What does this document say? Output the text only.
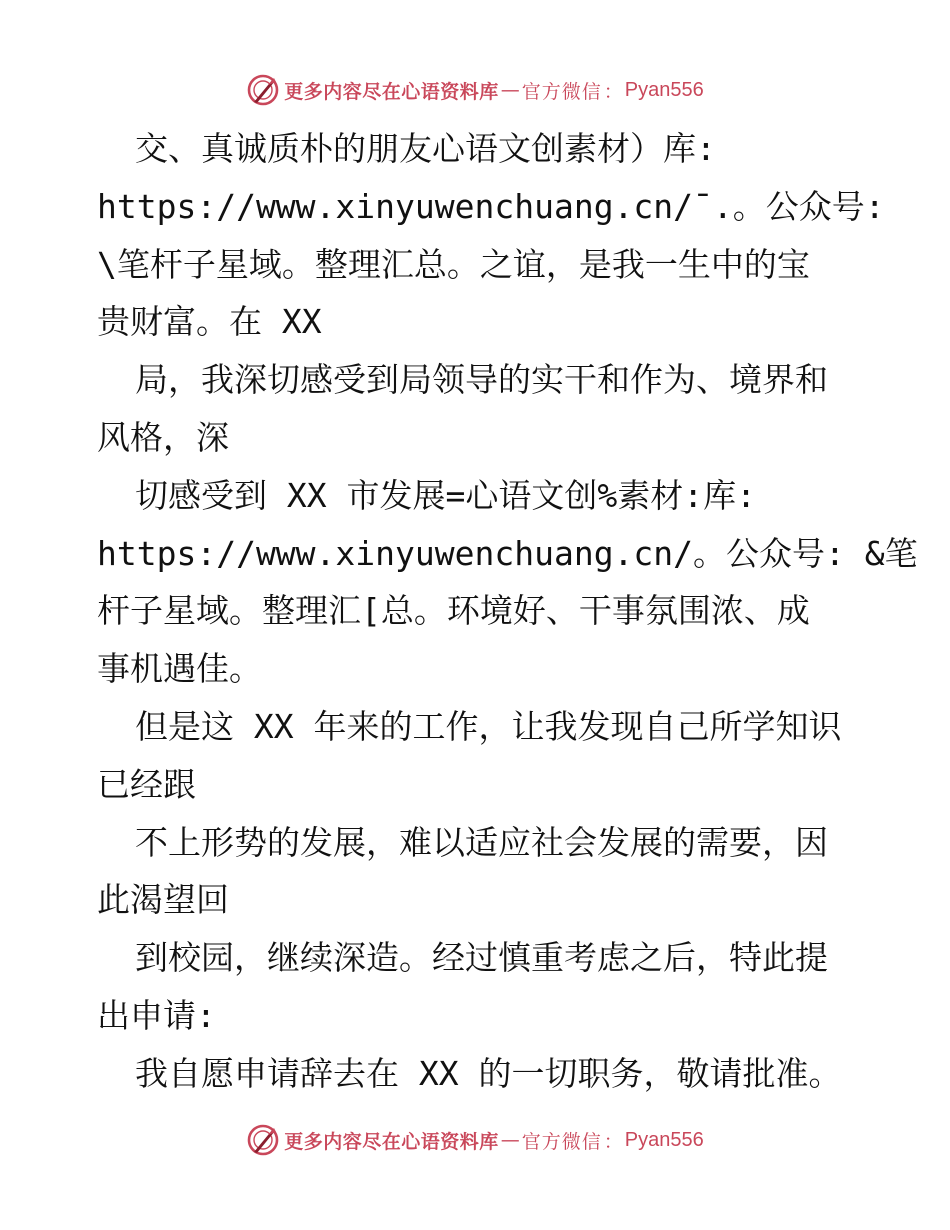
更多内容尽在心语资料库 — 官方微信 ： Pyan556
交、真诚质朴的朋友心语文创素材）库:
https://www.xinyuwenchuang.cn/¯.。公众号:
\笔杆子星域。整理汇总。之谊，是我一生中的宝
贵财富。在 XX
局，我深切感受到局领导的实干和作为、境界和
风格，深
切感受到 XX 市发展=心语文创%素材:库:
https://www.xinyuwenchuang.cn/。公众号: &笔
杆子星域。整理汇[总。环境好、干事氛围浓、成
事机遇佳。
但是这 XX 年来的工作，让我发现自己所学知识
已经跟
不上形势的发展，难以适应社会发展的需要，因
此渴望回
到校园，继续深造。经过慎重考虑之后，特此提
出申请:
我自愿申请辞去在 XX 的一切职务，敬请批准。
更多内容尽在心语资料库 — 官方微信 ： Pyan556
